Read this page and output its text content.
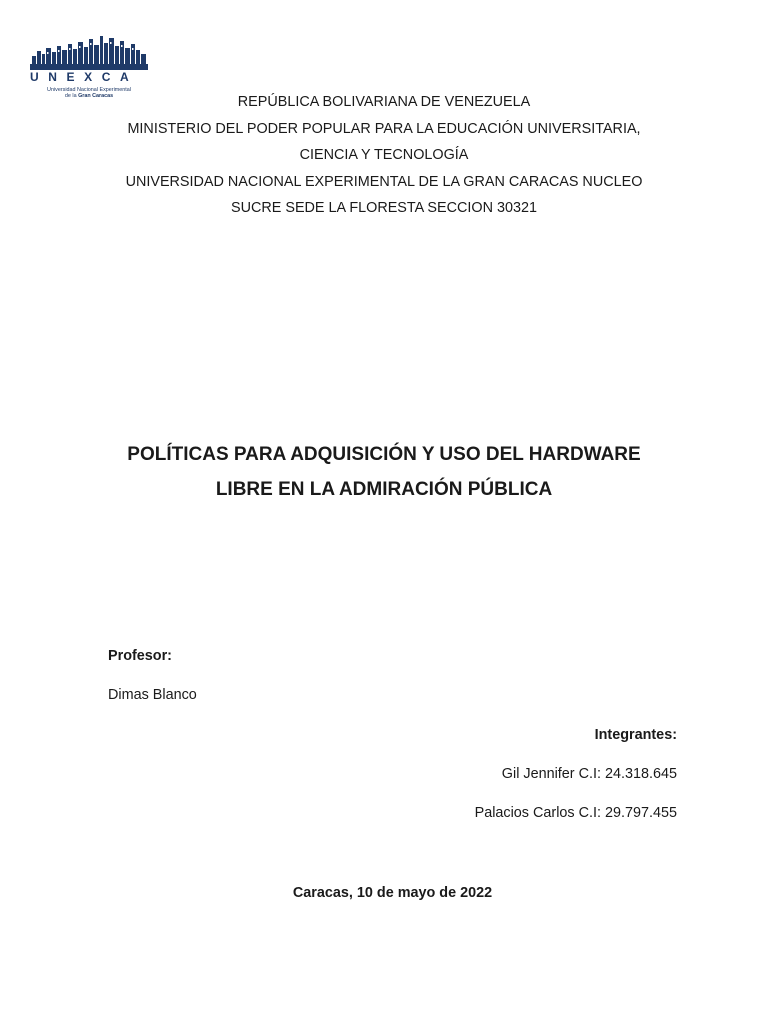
UNEXCA
Universidad Nacional Experimental
de la Gran Caracas	REPÚBLICA BOLIVARIANA DE VENEZUELA
MINISTERIO DEL PODER POPULAR PARA LA EDUCACIÓN UNIVERSITARIA,
CIENCIA Y TECNOLOGÍA
UNIVERSIDAD NACIONAL EXPERIMENTAL DE LA GRAN CARACAS NUCLEO
SUCRE SEDE LA FLORESTA SECCION 30321
POLÍTICAS PARA ADQUISICIÓN Y USO DEL HARDWARE
LIBRE EN LA ADMIRACIÓN PÚBLICA
Profesor:
Dimas Blanco
Integrantes:
Gil Jennifer C.I: 24.318.645
Palacios Carlos C.I: 29.797.455
Caracas, 10 de mayo de 2022
